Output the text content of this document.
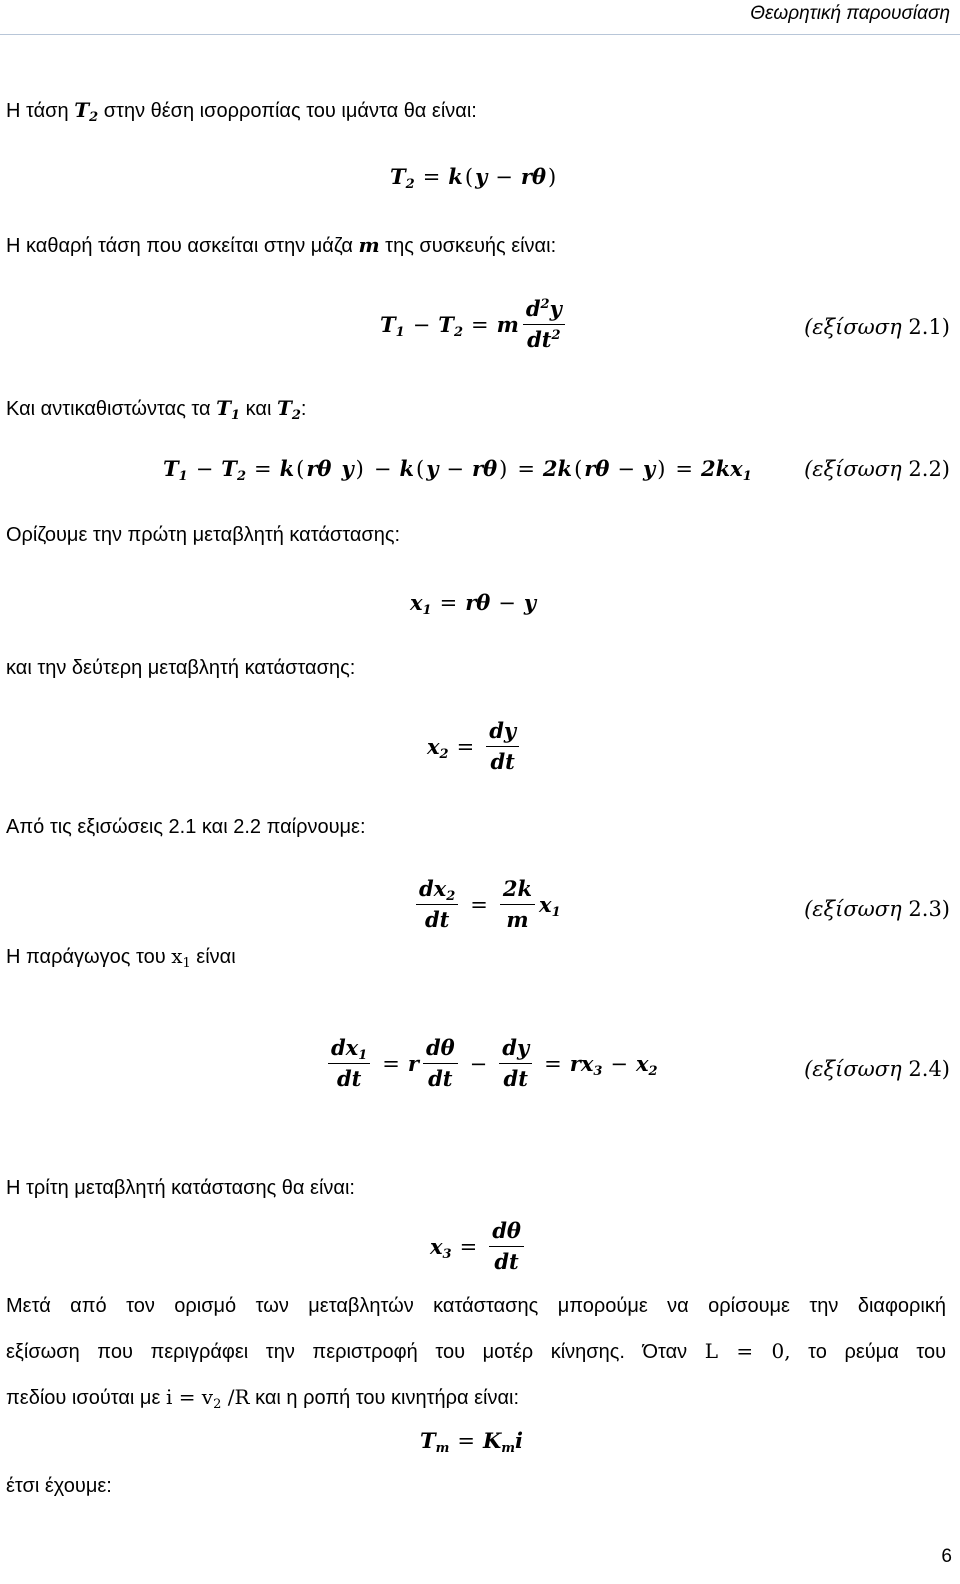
Θεωρητική παρουσίαση
Η τάση $T_2$ στην θέση ισορροπίας του ιμάντα θα είναι:
$T_2 = k$ ( y − rθ )
Η καθαρή τάση που ασκείται στην μάζα m της συσκευής είναι:
$T_1 - T_2 = m \frac{d^2y}{dt^2}$	(εξίσωση 2.1)
Και αντικαθιστώντας τα $T_1$ και $T_2$:
$T_1 - T_2 = k$ ( rθ y ) − k ( y − rθ ) = 2k ( rθ − y ) = $2kx_1$ (εξίσωση 2.2)
Ορίζουμε την πρώτη μεταβλητή κατάστασης:
$x_1 = r\theta - y$
και την δεύτερη μεταβλητή κατάστασης:
$x_2 = \frac{dy}{dt}$
Από τις εξισώσεις 2.1 και 2.2 παίρνουμε:
$\frac{dx_2}{dt} = \frac{2k}{m} x_1$	(εξίσωση 2.3)
Η παράγωγος του $x_1$ είναι
$\frac{dx_1}{dt} = r \frac{d\theta}{dt} - \frac{dy}{dt} = rx_3 - x_2$	(εξίσωση 2.4)
Η τρίτη μεταβλητή κατάστασης θα είναι:
$x_3 = \frac{d\theta}{dt}$
Μετά από τον ορισμό των μεταβλητών κατάστασης μπορούμε να ορίσουμε την διαφορική
εξίσωση που περιγράφει την περιστροφή του μοτέρ κίνησης. Όταν L = 0, το ρεύμα του
πεδίου ισούται με $i = v_2$ /R και η ροπή του κινητήρα είναι:
$T_m = K_mi$
έτσι έχουμε:
6
